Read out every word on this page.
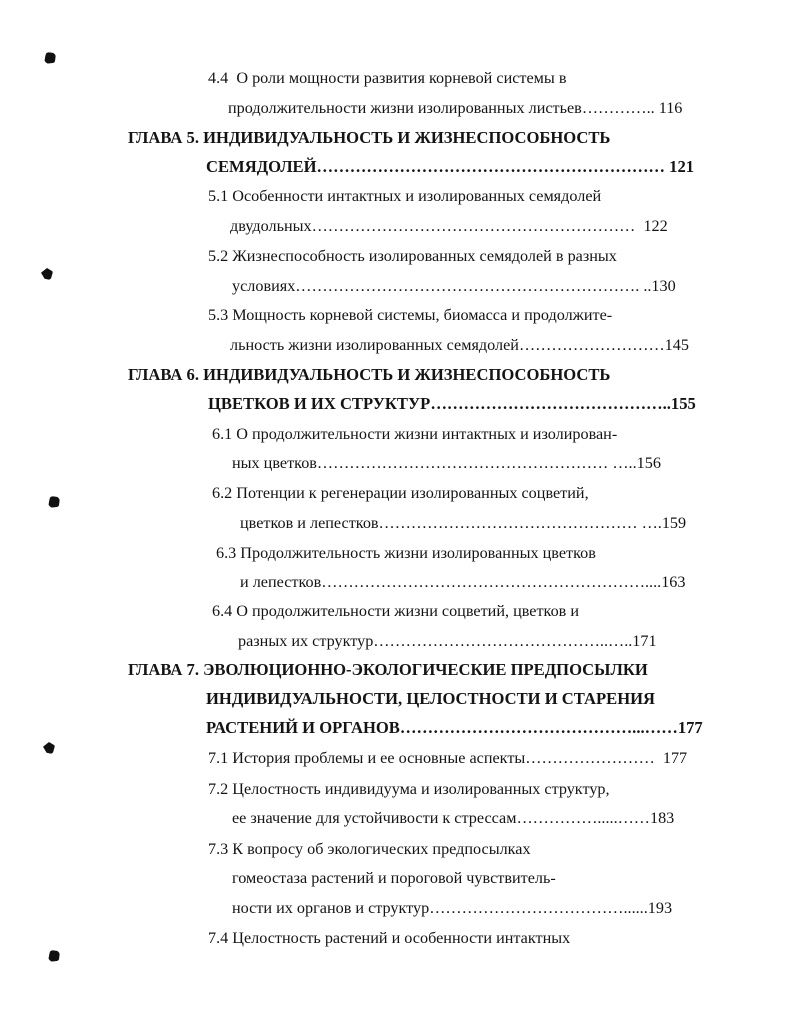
4.4  О роли мощности развития корневой системы в
продолжительности жизни изолированных листьев………….. 116
ГЛАВА 5. ИНДИВИДУАЛЬНОСТЬ И ЖИЗНЕСПОСОБНОСТЬ
СЕМЯДОЛЕЙ……………………………………………………… 121
5.1 Особенности интактных и изолированных семядолей
двудольных……………………………………………………  122
5.2 Жизнеспособность изолированных семядолей в разных
условиях………………………………………………………. ..130
5.3 Мощность корневой системы, биомасса и продолжите-
льность жизни изолированных семядолей………………………145
ГЛАВА 6. ИНДИВИДУАЛЬНОСТЬ И ЖИЗНЕСПОСОБНОСТЬ
ЦВЕТКОВ И ИХ СТРУКТУР……………………………………..155
6.1 О продолжительности жизни интактных и изолирован-
ных цветков……………………………………………… …..156
6.2 Потенции к регенерации изолированных соцветий,
цветков и лепестков………………………………………… ….159
6.3 Продолжительность жизни изолированных цветков
и лепестков……………………………………………………....163
6.4 О продолжительности жизни соцветий, цветков и
разных их структур……………………………………..…..171
ГЛАВА 7. ЭВОЛЮЦИОННО-ЭКОЛОГИЧЕСКИЕ ПРЕДПОСЫЛКИ
ИНДИВИДУАЛЬНОСТИ, ЦЕЛОСТНОСТИ И СТАРЕНИЯ
РАСТЕНИЙ И ОРГАНОВ……………………………………...……177
7.1 История проблемы и ее основные аспекты……………………  177
7.2 Целостность индивидуума и изолированных структур,
ее значение для устойчивости к стрессам…………….....……183
7.3 К вопросу об экологических предпосылках
гомеостаза растений и пороговой чувствитель-
ности их органов и структур………………………………......193
7.4 Целостность растений и особенности интактных
